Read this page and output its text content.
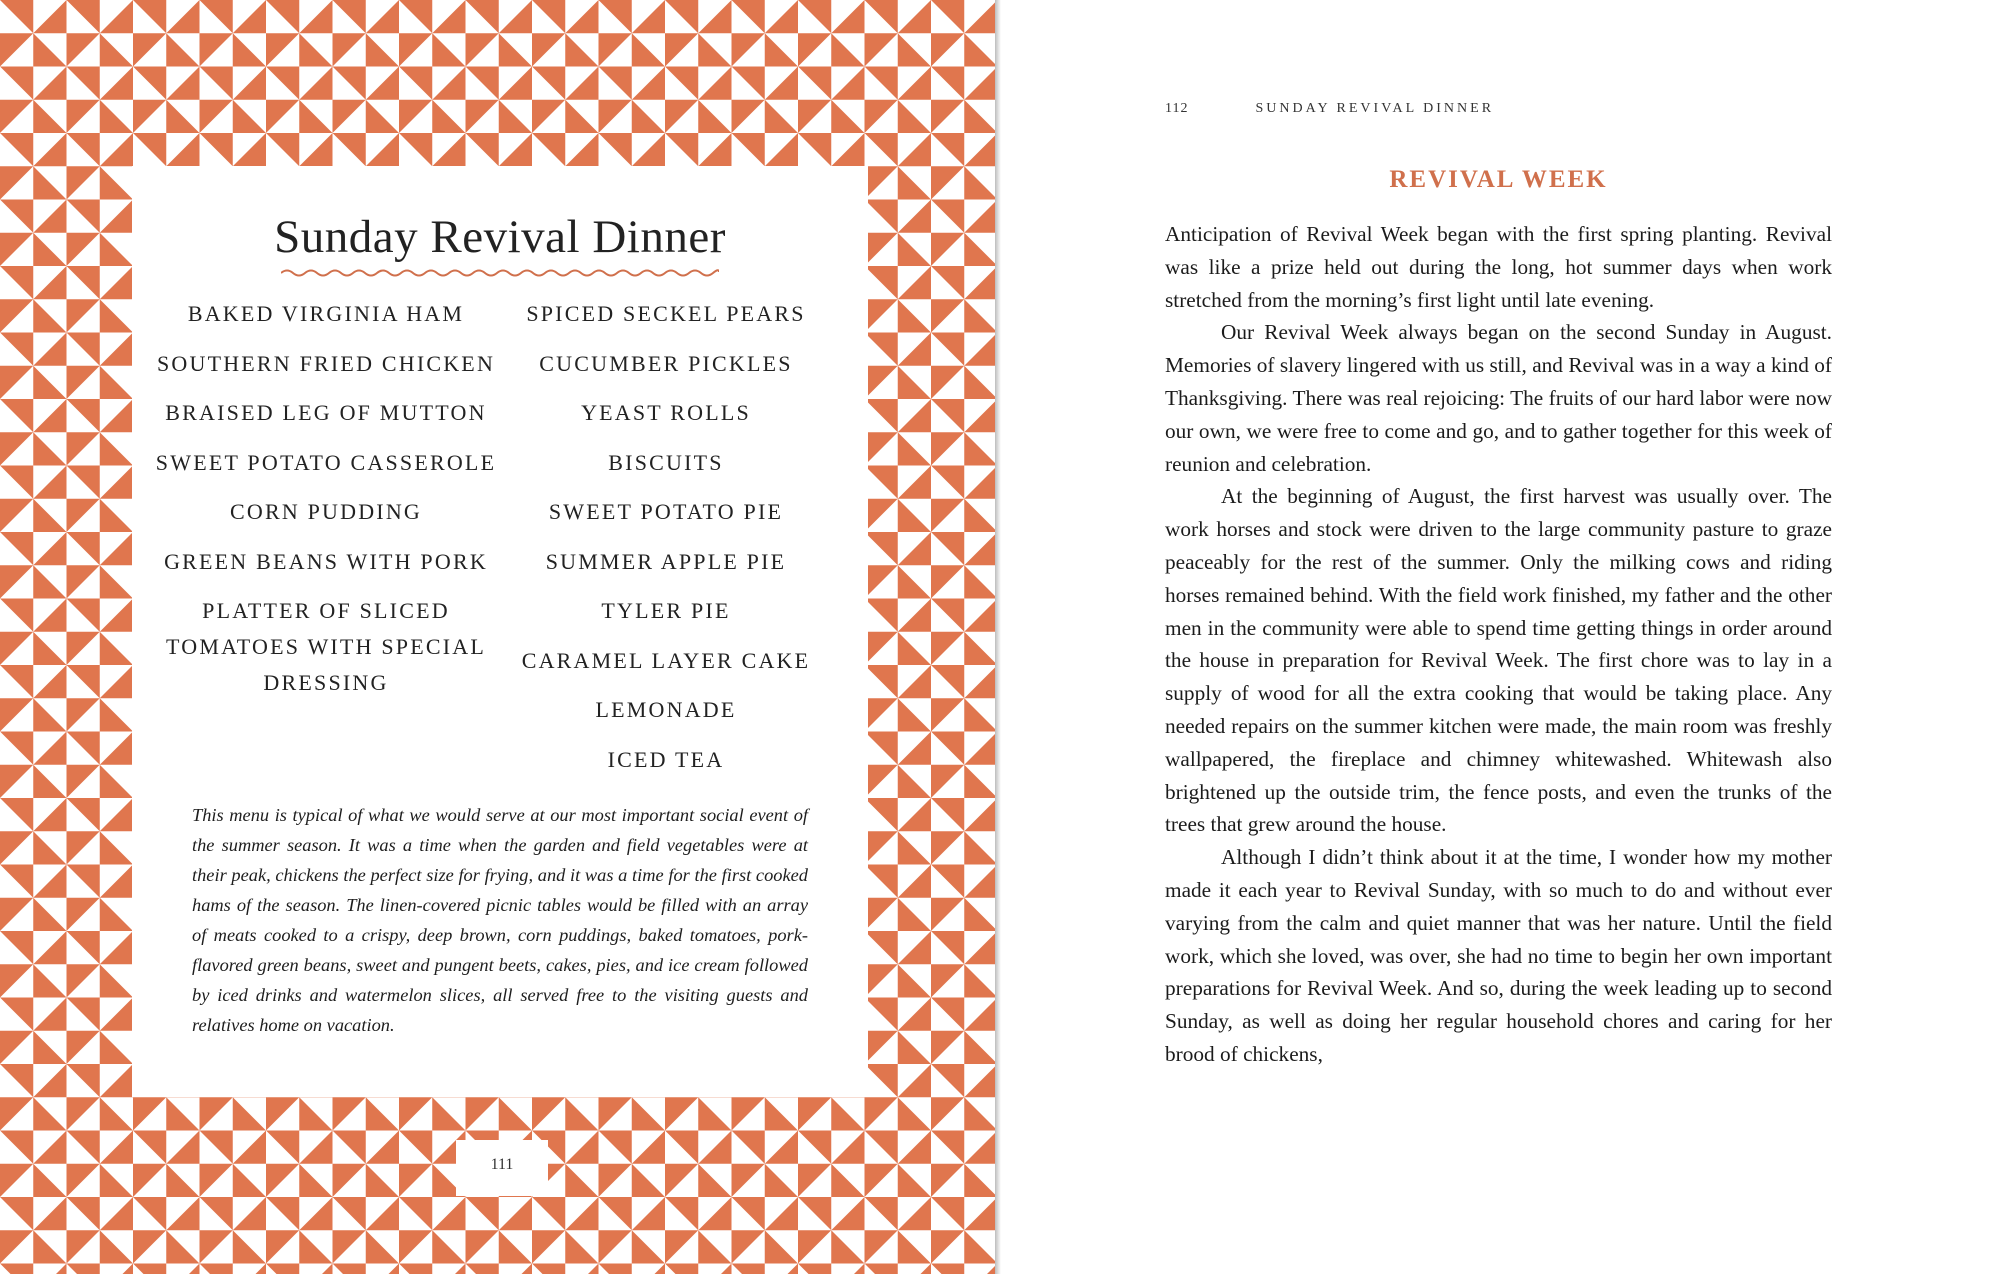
Sunday Revival Dinner
BAKED VIRGINIA HAM
SOUTHERN FRIED CHICKEN
BRAISED LEG OF MUTTON
SWEET POTATO CASSEROLE
CORN PUDDING
GREEN BEANS WITH PORK
PLATTER OF SLICED TOMATOES WITH SPECIAL DRESSING
SPICED SECKEL PEARS
CUCUMBER PICKLES
YEAST ROLLS
BISCUITS
SWEET POTATO PIE
SUMMER APPLE PIE
TYLER PIE
CARAMEL LAYER CAKE
LEMONADE
ICED TEA

This menu is typical of what we would serve at our most important social event of the summer season. It was a time when the garden and field vegetables were at their peak, chickens the perfect size for frying, and it was a time for the first cooked hams of the season. The linen-covered picnic tables would be filled with an array of meats cooked to a crispy, deep brown, corn puddings, baked tomatoes, pork-flavored green beans, sweet and pungent beets, cakes, pies, and ice cream followed by iced drinks and watermelon slices, all served free to the visiting guests and relatives home on vacation.

111
112	SUNDAY REVIVAL DINNER
REVIVAL WEEK

Anticipation of Revival Week began with the first spring planting. Revival was like a prize held out during the long, hot summer days when work stretched from the morning’s first light until late evening.

Our Revival Week always began on the second Sunday in August. Memories of slavery lingered with us still, and Revival was in a way a kind of Thanksgiving. There was real rejoicing: The fruits of our hard labor were now our own, we were free to come and go, and to gather together for this week of reunion and celebration.

At the beginning of August, the first harvest was usually over. The work horses and stock were driven to the large community pasture to graze peaceably for the rest of the summer. Only the milking cows and riding horses remained behind. With the field work finished, my father and the other men in the community were able to spend time getting things in order around the house in preparation for Revival Week. The first chore was to lay in a supply of wood for all the extra cooking that would be taking place. Any needed repairs on the summer kitchen were made, the main room was freshly wallpapered, the fireplace and chimney whitewashed. Whitewash also brightened up the outside trim, the fence posts, and even the trunks of the trees that grew around the house.

Although I didn’t think about it at the time, I wonder how my mother made it each year to Revival Sunday, with so much to do and without ever varying from the calm and quiet manner that was her nature. Until the field work, which she loved, was over, she had no time to begin her own important preparations for Revival Week. And so, during the week leading up to second Sunday, as well as doing her regular household chores and caring for her brood of chickens,
